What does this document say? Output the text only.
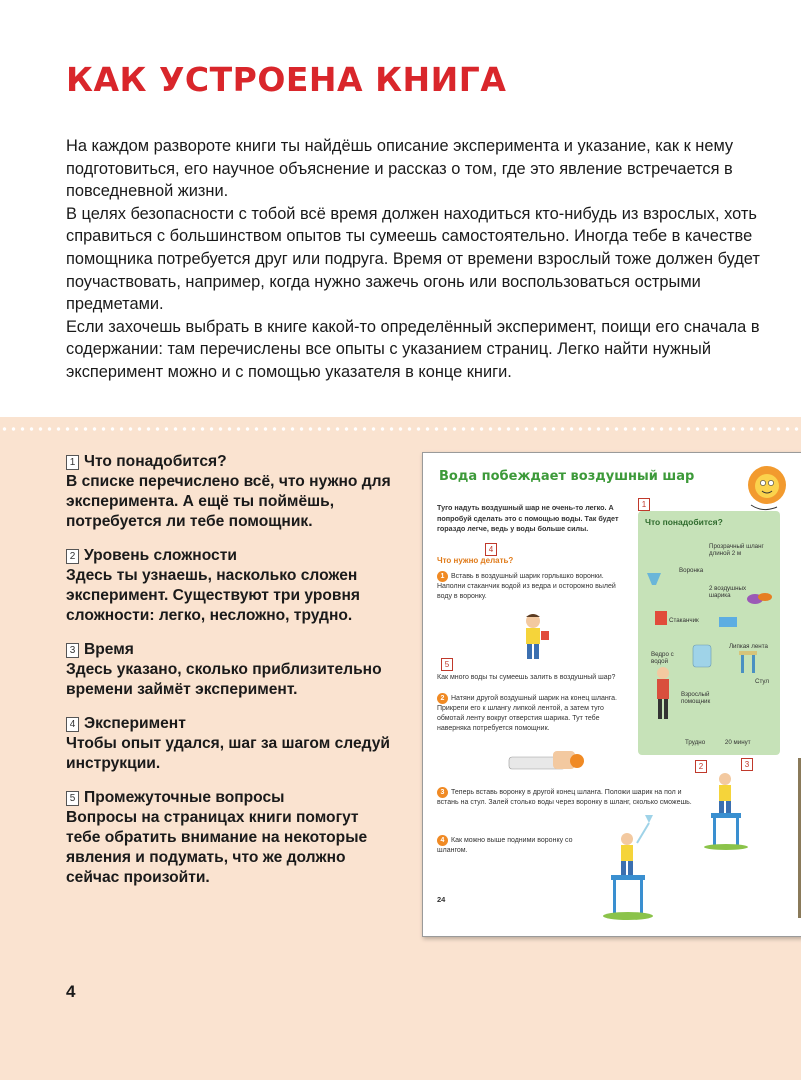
КАК УСТРОЕНА КНИГА

На каждом развороте книги ты найдёшь описание эксперимента и указание, как к нему подготовиться, его научное объяснение и рассказ о том, где это явление встречается в повседневной жизни.

В целях безопасности с тобой всё время должен находиться кто-нибудь из взрослых, хоть справиться с большинством опытов ты сумеешь самостоятельно. Иногда тебе в качестве помощника потребуется друг или подруга. Время от времени взрослый тоже должен будет поучаствовать, например, когда нужно зажечь огонь или воспользоваться острыми предметами.

Если захочешь выбрать в книге какой-то определённый эксперимент, поищи его сначала в содержании: там перечислены все опыты с указанием страниц. Легко найти нужный эксперимент можно и с помощью указателя в конце книги.

1 Что понадобится?

В списке перечислено всё, что нужно для эксперимента. А ещё ты поймёшь, потребуется ли тебе помощник.

2 Уровень сложности

Здесь ты узнаешь, насколько сложен эксперимент. Существуют три уровня сложности: легко, несложно, трудно.

3 Время

Здесь указано, сколько приблизительно времени займёт эксперимент.

4 Эксперимент

Чтобы опыт удался, шаг за шагом следуй инструкции.

5 Промежуточные вопросы

Вопросы на страницах книги помогут тебе обратить внимание на некоторые явления и подумать, что же должно сейчас произойти.

4
Вода побеждает воздушный шар
Туго надуть воздушный шар не очень-то легко. А попробуй сделать это с помощью воды. Так будет гораздо легче, ведь у воды больше силы.
1
4
Что нужно делать?
1 Вставь в воздушный шарик горлышко воронки. Наполни стаканчик водой из ведра и осторожно вылей воду в воронку.
5
Как много воды ты сумеешь залить в воздушный шар?
2 Натяни другой воздушный шарик на конец шланга. Прикрепи его к шлангу липкой лентой, а затем туго обмотай ленту вокруг отверстия шарика. Тут тебе наверняка потребуется помощник.
Что понадобится?
Прозрачный шланг длиной 2 м
Воронка
2 воздушных шарика
Стаканчик
Липкая лента
Ведро с водой
Стул
Взрослый помощник
Трудно	20 минут
2	3
3 Теперь вставь воронку в другой конец шланга. Положи шарик на пол и встань на стул. Залей столько воды через воронку в шланг, сколько сможешь.
4 Как можно выше подними воронку со шлангом.
24
